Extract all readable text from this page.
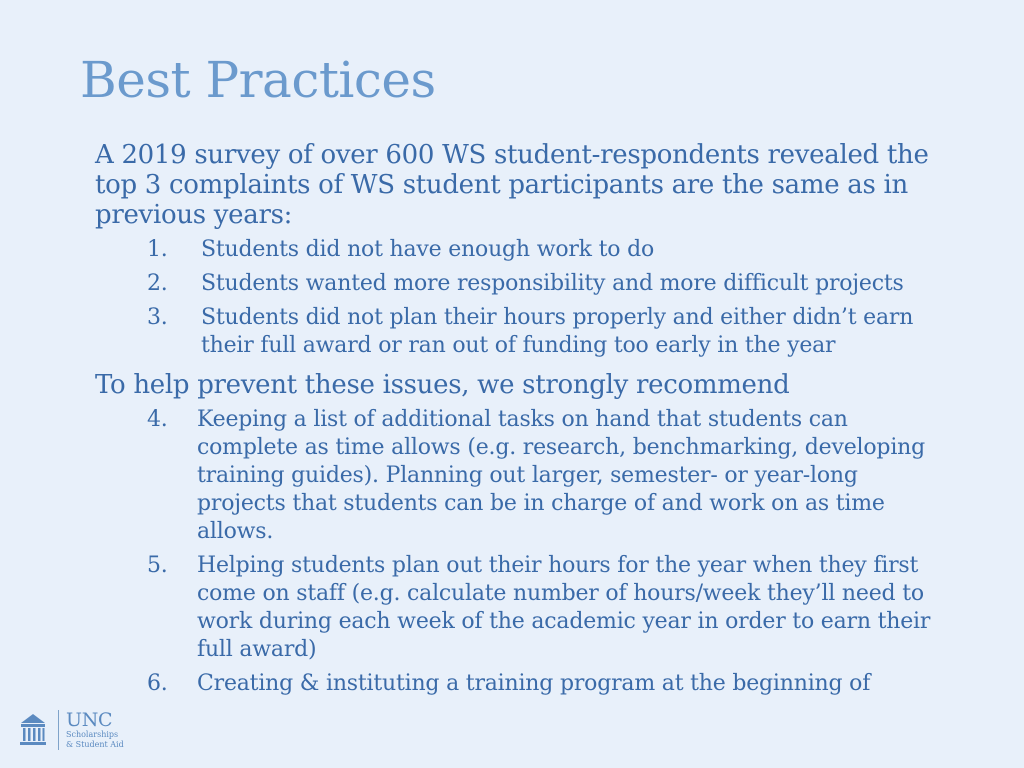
Best Practices

A 2019 survey of over 600 WS student-respondents revealed the top 3 complaints of WS student participants are the same as in previous years:

1. Students did not have enough work to do
2. Students wanted more responsibility and more difficult projects
3. Students did not plan their hours properly and either didn’t earn their full award or ran out of funding too early in the year

To help prevent these issues, we strongly recommend

4. Keeping a list of additional tasks on hand that students can complete as time allows (e.g. research, benchmarking, developing training guides). Planning out larger, semester- or year-long projects that students can be in charge of and work on as time allows.
5. Helping students plan out their hours for the year when they first come on staff (e.g. calculate number of hours/week they’ll need to work during each week of the academic year in order to earn their full award)
6. Creating & instituting a training program at the beginning of
UNC
Scholarships
& Student Aid
